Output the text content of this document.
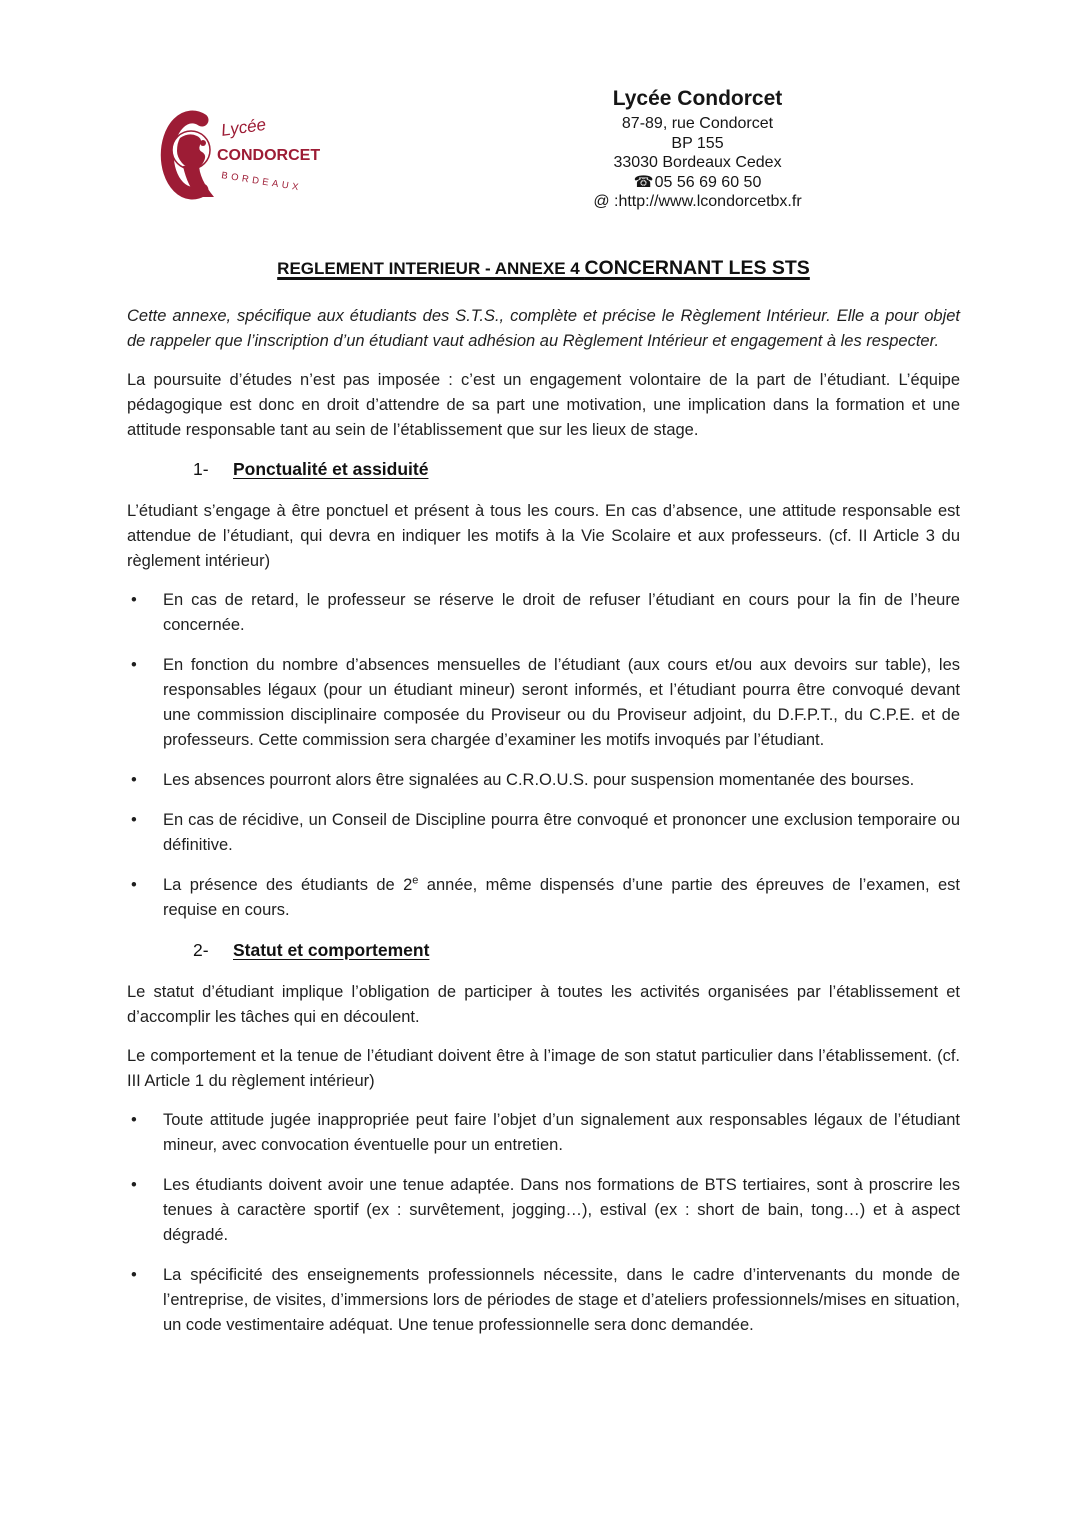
Lycée
CONDORCET
BORDEAUX
Lycée Condorcet
87-89, rue Condorcet
BP 155
33030 Bordeaux Cedex
☎05 56 69 60 50
@ :http://www.lcondorcetbx.fr
REGLEMENT INTERIEUR - ANNEXE 4 CONCERNANT LES STS

Cette annexe, spécifique aux étudiants des S.T.S., complète et précise le Règlement Intérieur. Elle a pour objet de rappeler que l’inscription d’un étudiant vaut adhésion au Règlement Intérieur et engagement à les respecter.

La poursuite d’études n’est pas imposée : c’est un engagement volontaire de la part de l’étudiant. L’équipe pédagogique est donc en droit d’attendre de sa part une motivation, une implication dans la formation et une attitude responsable tant au sein de l’établissement que sur les lieux de stage.

1- Ponctualité et assiduité

L’étudiant s’engage à être ponctuel et présent à tous les cours. En cas d’absence, une attitude responsable est attendue de l’étudiant, qui devra en indiquer les motifs à la Vie Scolaire et aux professeurs. (cf. II Article 3 du règlement intérieur)

• En cas de retard, le professeur se réserve le droit de refuser l’étudiant en cours pour la fin de l’heure concernée.
• En fonction du nombre d’absences mensuelles de l’étudiant (aux cours et/ou aux devoirs sur table), les responsables légaux (pour un étudiant mineur) seront informés, et l’étudiant pourra être convoqué devant une commission disciplinaire composée du Proviseur ou du Proviseur adjoint, du D.F.P.T., du C.P.E. et de professeurs. Cette commission sera chargée d’examiner les motifs invoqués par l’étudiant.
• Les absences pourront alors être signalées au C.R.O.U.S. pour suspension momentanée des bourses.
• En cas de récidive, un Conseil de Discipline pourra être convoqué et prononcer une exclusion temporaire ou définitive.
• La présence des étudiants de 2e année, même dispensés d’une partie des épreuves de l’examen, est requise en cours.
2- Statut et comportement

Le statut d’étudiant implique l’obligation de participer à toutes les activités organisées par l’établissement et d’accomplir les tâches qui en découlent.

Le comportement et la tenue de l’étudiant doivent être à l’image de son statut particulier dans l’établissement. (cf. III Article 1 du règlement intérieur)

• Toute attitude jugée inappropriée peut faire l’objet d’un signalement aux responsables légaux de l’étudiant mineur, avec convocation éventuelle pour un entretien.
• Les étudiants doivent avoir une tenue adaptée. Dans nos formations de BTS tertiaires, sont à proscrire les tenues à caractère sportif (ex : survêtement, jogging…), estival (ex : short de bain, tong…) et à aspect dégradé.
• La spécificité des enseignements professionnels nécessite, dans le cadre d’intervenants du monde de l’entreprise, de visites, d’immersions lors de périodes de stage et d’ateliers professionnels/mises en situation, un code vestimentaire adéquat. Une tenue professionnelle sera donc demandée.
